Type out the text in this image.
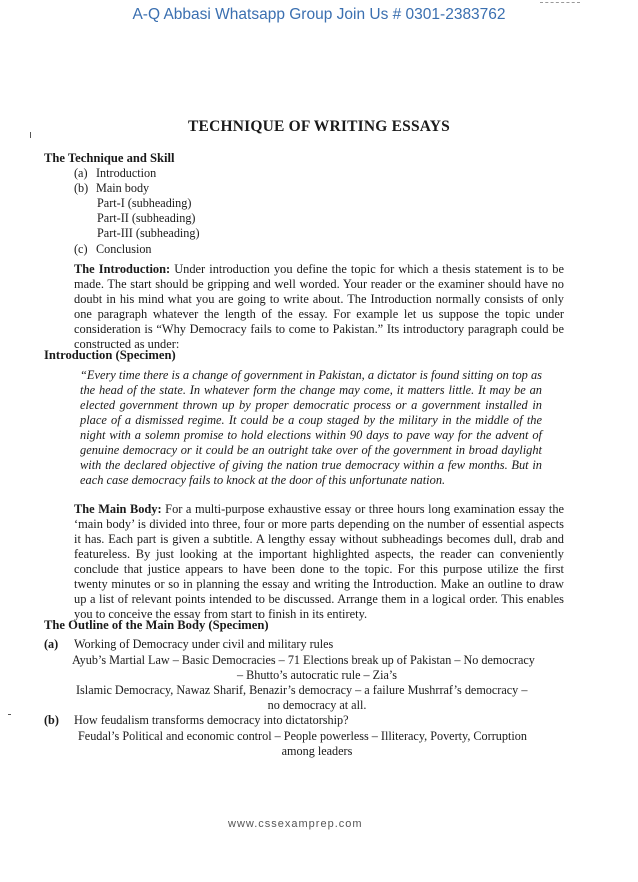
A-Q Abbasi Whatsapp Group Join Us # 0301-2383762
TECHNIQUE OF WRITING ESSAYS
The Technique and Skill
(a) Introduction
(b) Main body
Part-I (subheading)
Part-II (subheading)
Part-III (subheading)
(c) Conclusion

The Introduction: Under introduction you define the topic for which a thesis statement is to be made. The start should be gripping and well worded. Your reader or the examiner should have no doubt in his mind what you are going to write about. The Introduction normally consists of only one paragraph whatever the length of the essay. For example let us suppose the topic under consideration is “Why Democracy fails to come to Pakistan.” Its introductory paragraph could be constructed as under:

Introduction (Specimen)

“Every time there is a change of government in Pakistan, a dictator is found sitting on top as the head of the state. In whatever form the change may come, it matters little. It may be an elected government thrown up by proper democratic process or a government installed in place of a dismissed regime. It could be a coup staged by the military in the middle of the night with a solemn promise to hold elections within 90 days to pave way for the advent of genuine democracy or it could be an outright take over of the government in broad daylight with the declared objective of giving the nation true democracy within a few months. But in each case democracy fails to knock at the door of this unfortunate nation.

The Main Body: For a multi-purpose exhaustive essay or three hours long examination essay the ‘main body’ is divided into three, four or more parts depending on the number of essential aspects it has. Each part is given a subtitle. A lengthy essay without subheadings becomes dull, drab and featureless. By just looking at the important highlighted aspects, the reader can conveniently conclude that justice appears to have been done to the topic. For this purpose utilize the first twenty minutes or so in planning the essay and writing the Introduction. Make an outline to draw up a list of relevant points intended to be discussed. Arrange them in a logical order. This enables you to conceive the essay from start to finish in its entirety.

The Outline of the Main Body (Specimen)
(a) Working of Democracy under civil and military rules
Ayub’s Martial Law – Basic Democracies – 71 Elections break up of Pakistan – No democracy
– Bhutto’s autocratic rule – Zia’s
Islamic Democracy, Nawaz Sharif, Benazir’s democracy – a failure Mushrraf’s democracy –
no democracy at all.
(b) How feudalism transforms democracy into dictatorship?
Feudal’s Political and economic control – People powerless – Illiteracy, Poverty, Corruption
among leaders
www.cssexamprep.com
